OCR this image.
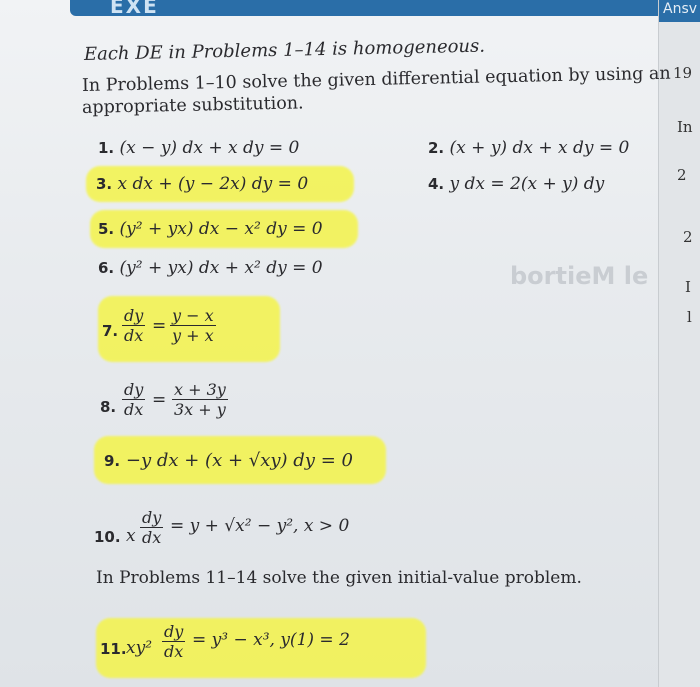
EXE	Ansv
19
In
2
2
I
l
bortieM le
Each DE in Problems 1–14 is homogeneous.
In Problems 1–10 solve the given differential equation by using an
appropriate substitution.
1. (x − y) dx + x dy = 0	2. (x + y) dx + x dy = 0
3. x dx + (y − 2x) dy = 0	4. y dx = 2(x + y) dy
5. (y² + yx) dx − x² dy = 0
6. (y² + yx) dx + x² dy = 0
7. $\frac{dy}{dx} = \frac{y - x}{y + x}$
8. $\frac{dy}{dx} = \frac{x + 3y}{3x + y}$
9. −y dx + (x + √xy) dy = 0
10. x $\frac{dy}{dx} = y + √x^2 - y^2$, x > 0
In Problems 11–14 solve the given initial-value problem.
11. $xy^2 \frac{dy}{dx} = y^3 - x^3$, y(1) = 2
